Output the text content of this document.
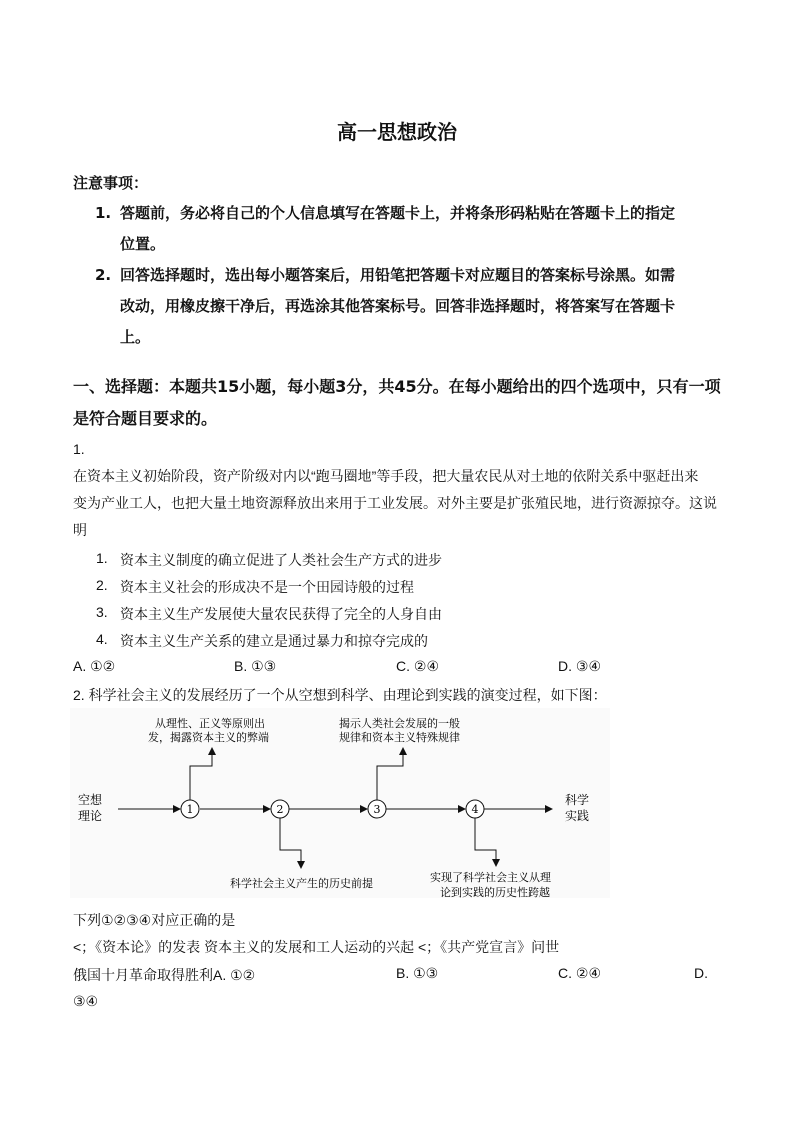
高一思想政治
注意事项：
1. 答题前，务必将自己的个人信息填写在答题卡上，并将条形码粘贴在答题卡上的指定
位置。
2. 回答选择题时，选出每小题答案后，用铅笔把答题卡对应题目的答案标号涂黑。如需
改动，用橡皮擦干净后，再选涂其他答案标号。回答非选择题时，将答案写在答题卡
上。
一、选择题：本题共15小题，每小题3分，共45分。在每小题给出的四个选项中，只有一项
是符合题目要求的。
1.
在资本主义初始阶段，资产阶级对内以“跑马圈地”等手段，把大量农民从对土地的依附关系中驱赶出来
变为产业工人，也把大量土地资源释放出来用于工业发展。对外主要是扩张殖民地，进行资源掠夺。这说
明
1. 资本主义制度的确立促进了人类社会生产方式的进步
2. 资本主义社会的形成决不是一个田园诗般的过程
3. 资本主义生产发展使大量农民获得了完全的人身自由
4. 资本主义生产关系的建立是通过暴力和掠夺完成的
A. ①②	B. ①③	C. ②④	D. ③④
2. 科学社会主义的发展经历了一个从空想到科学、由理论到实践的演变过程，如下图：
空想
理论	1	2	3	4
科学
实践
从理性、正义等原则出
发，揭露资本主义的弊端
揭示人类社会发展的一般
规律和资本主义特殊规律
科学社会主义产生的历史前提	实现了科学社会主义从理
论到实践的历史性跨越
下列①②③④对应正确的是
<；《资本论》的发表 资本主义的发展和工人运动的兴起 <；《共产党宣言》问世
俄国十月革命取得胜利A. ①②	B. ①③	C. ②④	D.
③④
